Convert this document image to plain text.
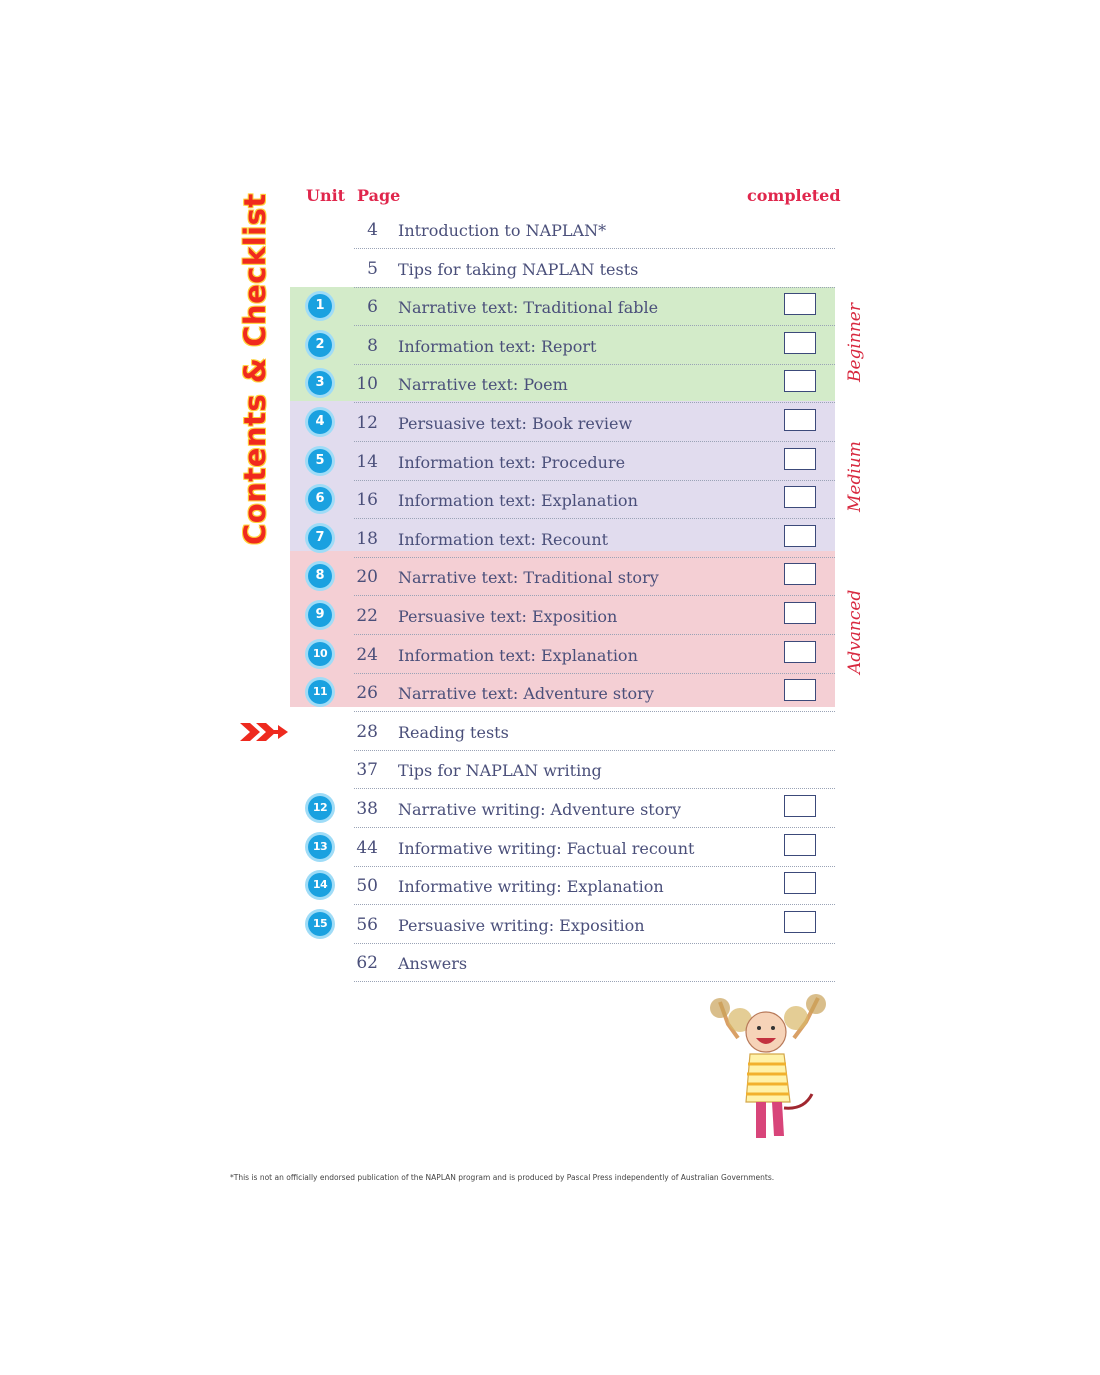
Contents & Checklist Unit Page	completed
Beginner
Medium
Advanced
4 Introduction to NAPLAN*
5 Tips for taking NAPLAN tests
1	6 Narrative text: Traditional fable
2	8 Information text: Report
3	10 Narrative text: Poem
4	12 Persuasive text: Book review
5	14 Information text: Procedure
6	16 Information text: Explanation
7	18 Information text: Recount
8	20 Narrative text: Traditional story
9	22 Persuasive text: Exposition
10	24 Information text: Explanation
11	26 Narrative text: Adventure story
28 Reading tests
37 Tips for NAPLAN writing
12	38 Narrative writing: Adventure story
13	44 Informative writing: Factual recount
14	50 Informative writing: Explanation
15	56 Persuasive writing: Exposition
62 Answers
*This is not an officially endorsed publication of the NAPLAN program and is produced by Pascal Press independently of Australian Governments.
